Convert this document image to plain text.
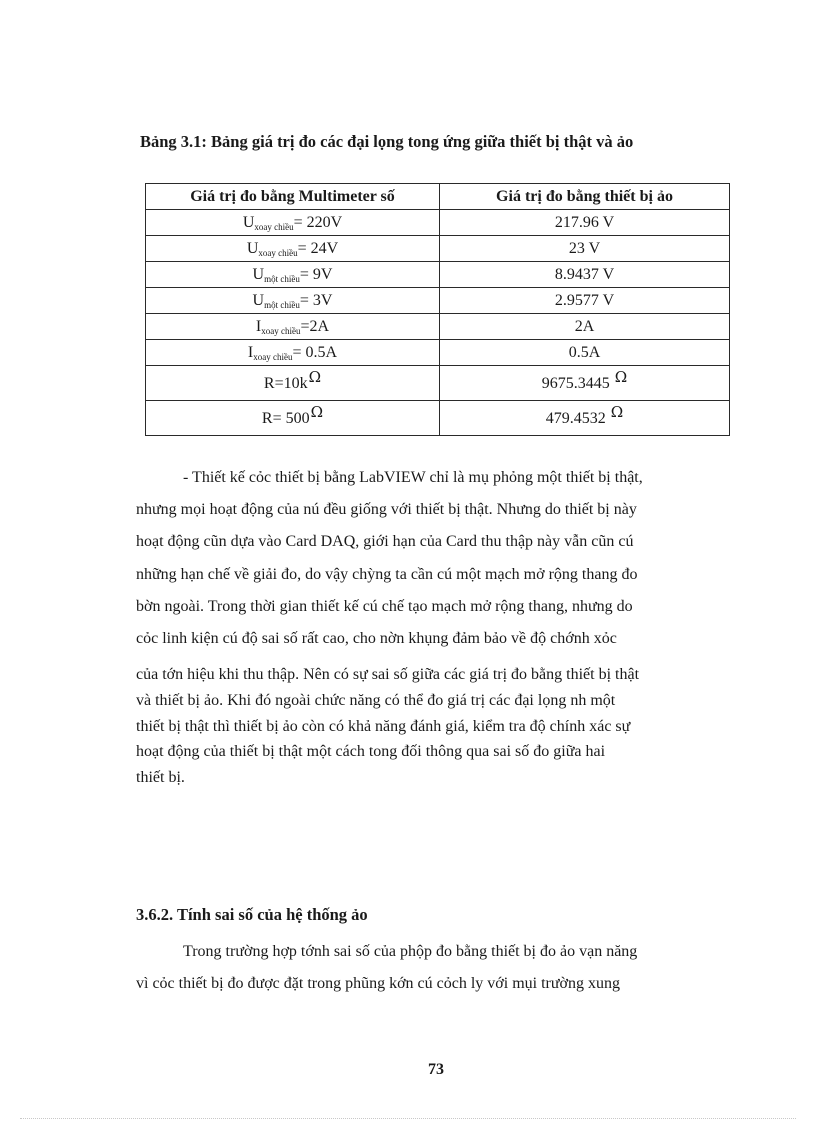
Bảng 3.1: Bảng giá trị đo các đại lọng tong ứng giữa thiết bị thật và ảo
Giá trị đo bằng Multimeter số	Giá trị đo bằng thiết bị ảo
$U_{xoay chiều}= 220V$	217.96 V
$U_{xoay chiều}= 24V$	23 V
$U_{một chiều}= 9V$	8.9437 V
$U_{một chiều}= 3V$	2.9577 V
$I_{xoay chiều}=2A$	2A
$I_{xoay chiều}= 0.5A$	0.5A
R=10kΩ	9675.3445 Ω
R= 500Ω	479.4532 Ω
- Thiết kế cỏc thiết bị bằng LabVIEW chỉ là mụ phỏng một thiết bị thật,
nhưng mọi hoạt động của nú đều giống với thiết bị thật. Nhưng do thiết bị này
hoạt động cũn dựa vào Card DAQ, giới hạn của Card thu thập này vẫn cũn cú
những hạn chế về giải đo, do vậy chỳng ta cần cú một mạch mở rộng thang đo
bờn ngoài. Trong thời gian thiết kế cú chế tạo mạch mở rộng thang, nhưng do
cỏc linh kiện cú độ sai số rất cao, cho nờn khụng đảm bảo về độ chớnh xỏc
của tớn hiệu khi thu thập. Nên có sự sai số giữa các giá trị đo bằng thiết bị thật
và thiết bị ảo. Khi đó ngoài chức năng có thể đo giá trị các đại lọng nh một
thiết bị thật thì thiết bị ảo còn có khả năng đánh giá, kiểm tra độ chính xác sự
hoạt động của thiết bị thật một cách tong đối thông qua sai số đo giữa hai
thiết bị.
3.6.2. Tính sai số của hệ thống ảo
Trong trường hợp tớnh sai số của phộp đo bằng thiết bị đo ảo vạn năng
vì cỏc thiết bị đo được đặt trong phũng kớn cú cỏch ly với mụi trường xung
73
